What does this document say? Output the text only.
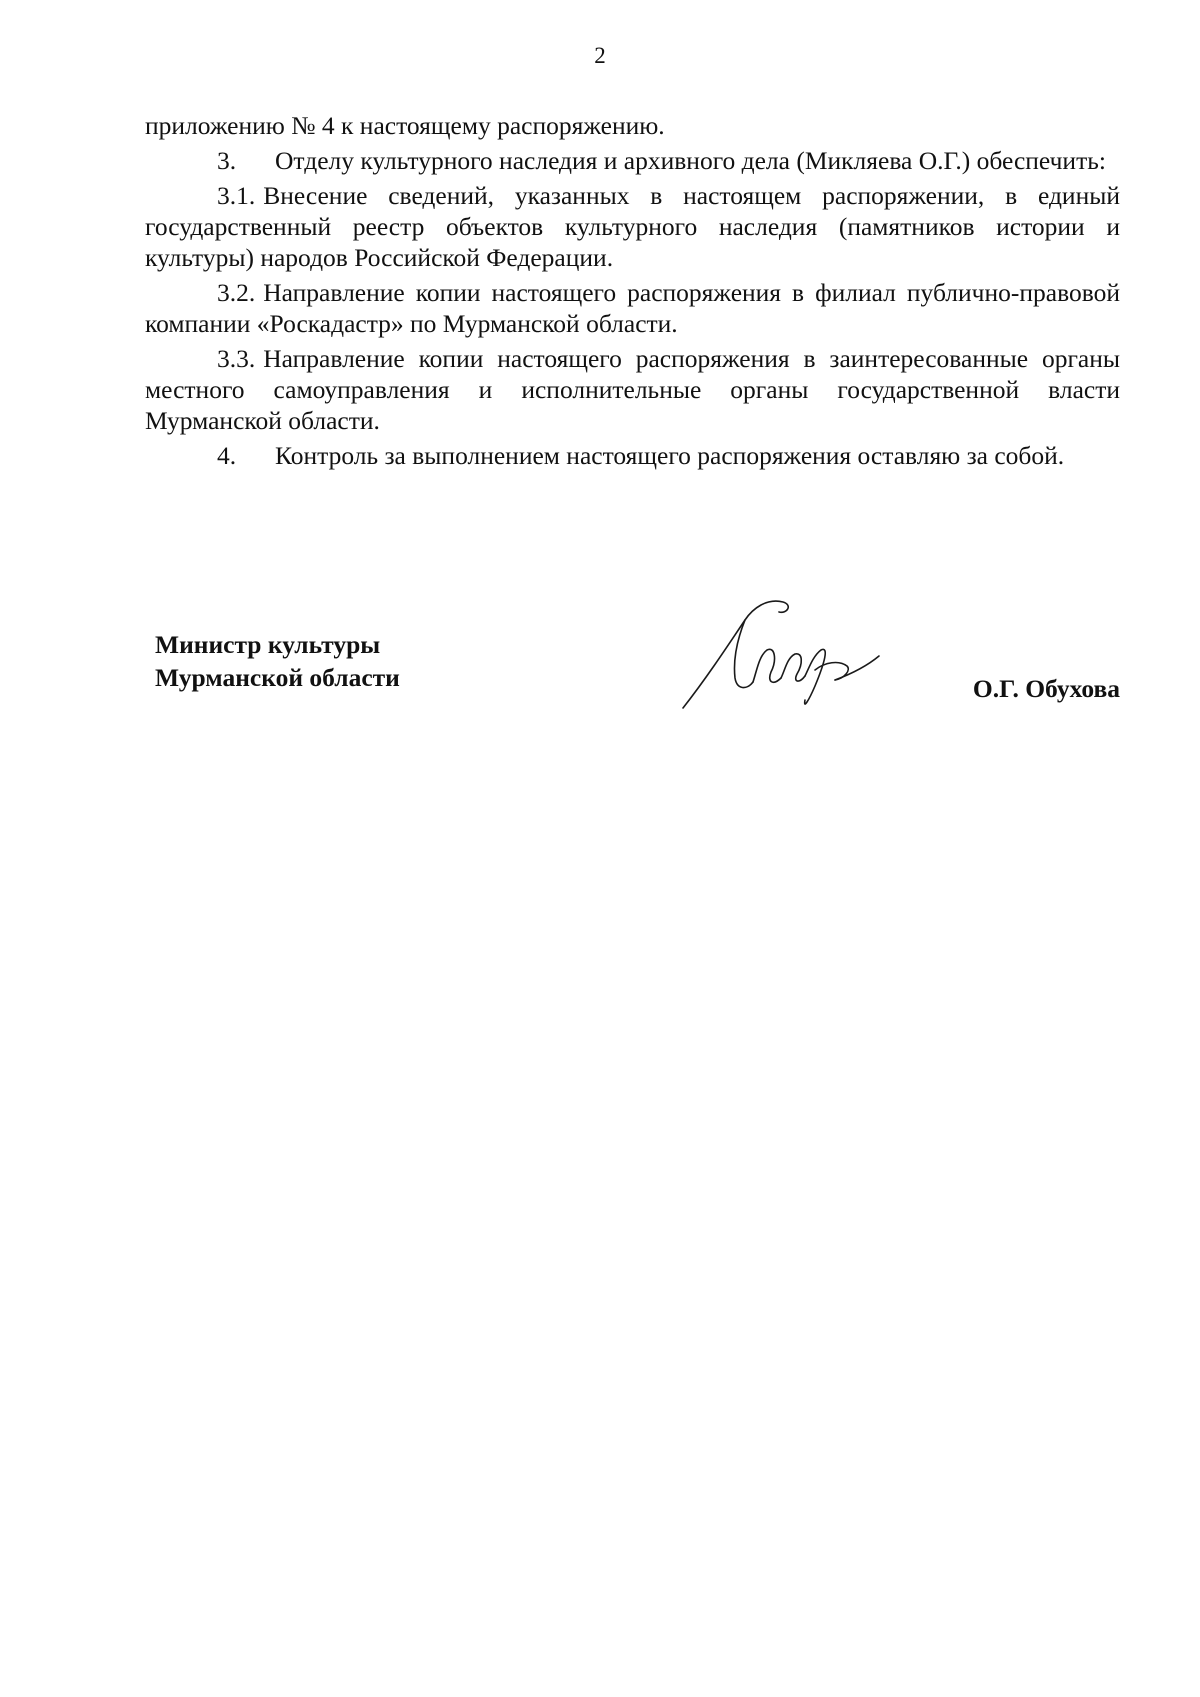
2

приложению № 4 к настоящему распоряжению.

3. Отделу культурного наследия и архивного дела (Микляева О.Г.) обеспечить:

3.1. Внесение сведений, указанных в настоящем распоряжении, в единый государственный реестр объектов культурного наследия (памятников истории и культуры) народов Российской Федерации.

3.2. Направление копии настоящего распоряжения в филиал публично-правовой компании «Роскадастр» по Мурманской области.

3.3. Направление копии настоящего распоряжения в заинтересованные органы местного самоуправления и исполнительные органы государственной власти Мурманской области.

4. Контроль за выполнением настоящего распоряжения оставляю за собой.

Министр культуры
Мурманской области	О.Г. Обухова
